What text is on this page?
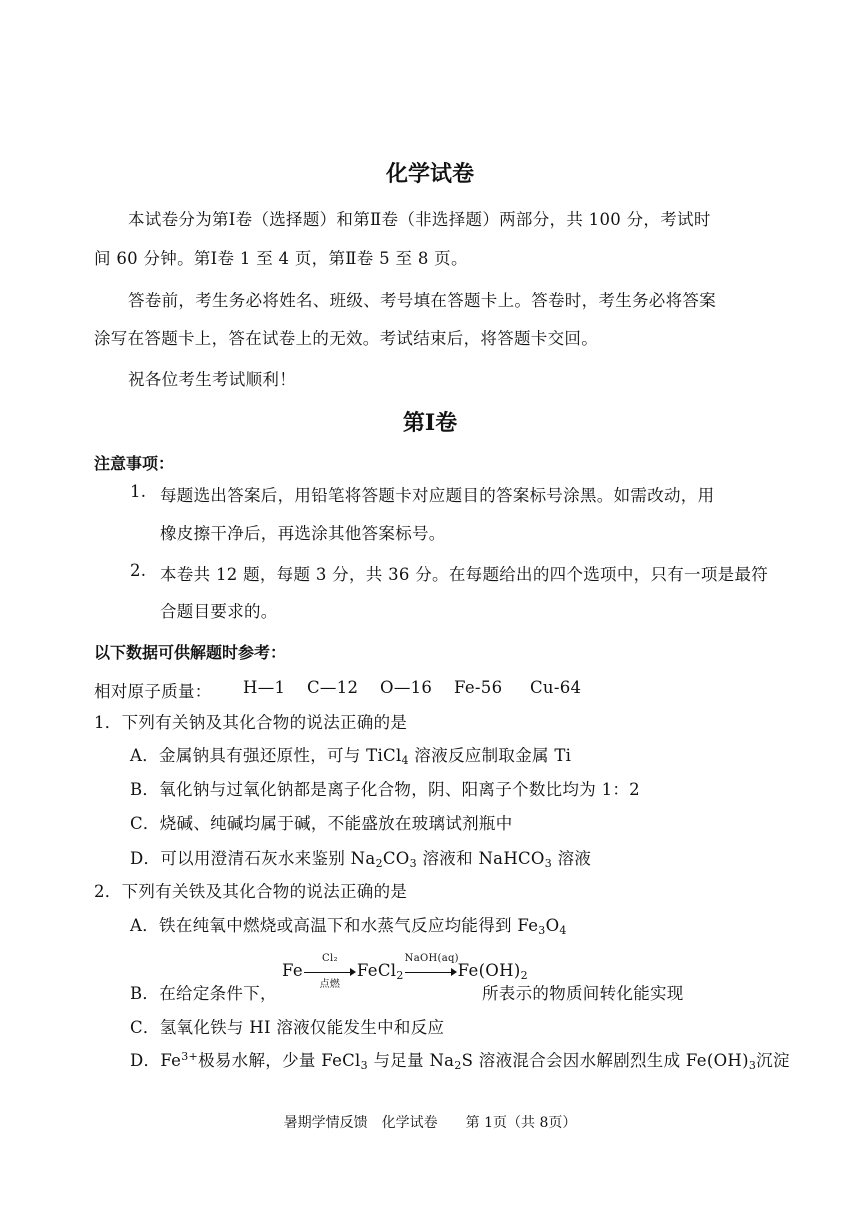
化学试卷
本试卷分为第Ⅰ卷（选择题）和第Ⅱ卷（非选择题）两部分，共 100 分，考试时
间 60 分钟。第Ⅰ卷 1 至 4 页，第Ⅱ卷 5 至 8 页。
答卷前，考生务必将姓名、班级、考号填在答题卡上。答卷时，考生务必将答案
涂写在答题卡上，答在试卷上的无效。考试结束后，将答题卡交回。
祝各位考生考试顺利！
第Ⅰ卷
注意事项：
1. 每题选出答案后，用铅笔将答题卡对应题目的答案标号涂黑。如需改动，用
橡皮擦干净后，再选涂其他答案标号。
2. 本卷共 12 题，每题 3 分，共 36 分。在每题给出的四个选项中，只有一项是最符
合题目要求的。
以下数据可供解题时参考：
相对原子质量： H—1 C—12 O—16 Fe-56 Cu-64
1．下列有关钠及其化合物的说法正确的是
A．金属钠具有强还原性，可与 TiCl$_4$ 溶液反应制取金属 Ti
B．氧化钠与过氧化钠都是离子化合物，阴、阳离子个数比均为 1：2
C．烧碱、纯碱均属于碱，不能盛放在玻璃试剂瓶中
D．可以用澄清石灰水来鉴别 $Na_2CO_3$ 溶液和 NaHCO$_3$ 溶液
2．下列有关铁及其化合物的说法正确的是
A．铁在纯氧中燃烧或高温下和水蒸气反应均能得到 $Fe_3O_4$
B．在给定条件下，
Fe
Cl₂
点燃
FeCl$_2$
NaOH(aq)
$Fe(OH)_2$
所表示的物质间转化能实现
C．氢氧化铁与 HI 溶液仅能发生中和反应
D．$Fe^{3+}$极易水解，少量 FeCl$_3$ 与足量 $Na_2S$ 溶液混合会因水解剧烈生成 $Fe(OH)_3$沉淀
暑期学情反馈　化学试卷　　第 1页（共 8页）
